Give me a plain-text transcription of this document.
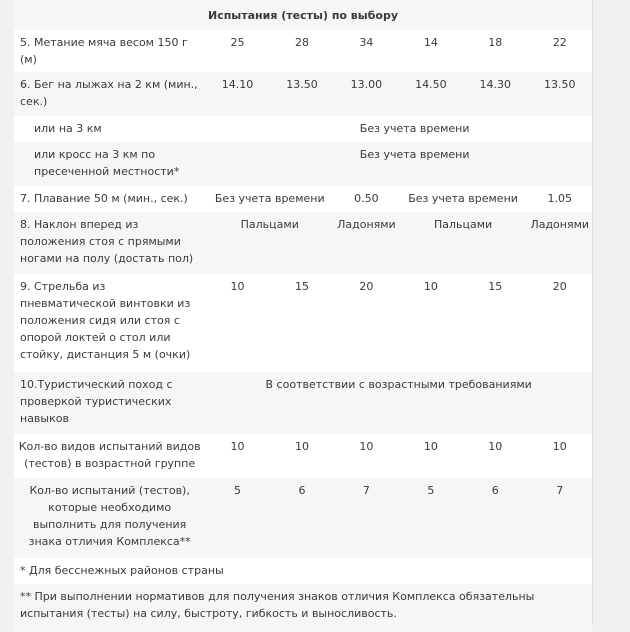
Испытания (тесты) по выбору						
5. Метание мяча весом 150 г (м)	25	28	34	14	18	22
6. Бег на лыжах на 2 км (мин., сек.)	14.10	13.50	13.00	14.50	14.30	13.50
или на 3 км	Без учета времени					
или кросс на 3 км по пресеченной местности*	Без учета времени					
7. Плавание 50 м (мин., сек.)	Без учета времени		0.50	Без учета времени		1.05
8. Наклон вперед из положения стоя с прямыми ногами на полу (достать пол)	Пальцами		Ладонями	Пальцами		Ладонями
9. Стрельба из пневматической винтовки из положения сидя или стоя с опорой локтей о стол или стойку, дистанция 5 м (очки)	10	15	20	10	15	20
10.Туристический поход с проверкой туристических навыков	В соответствии с возрастными требованиями					
Кол-во видов испытаний видов (тестов) в возрастной группе	10	10	10	10	10	10
Кол-во испытаний (тестов), которые необходимо выполнить для получения знака отличия Комплекса**	5	6	7	5	6	7
* Для бесснежных районов страны						
** При выполнении нормативов для получения знаков отличия Комплекса обязательны испытания (тесты) на силу, быстроту, гибкость и выносливость.						
